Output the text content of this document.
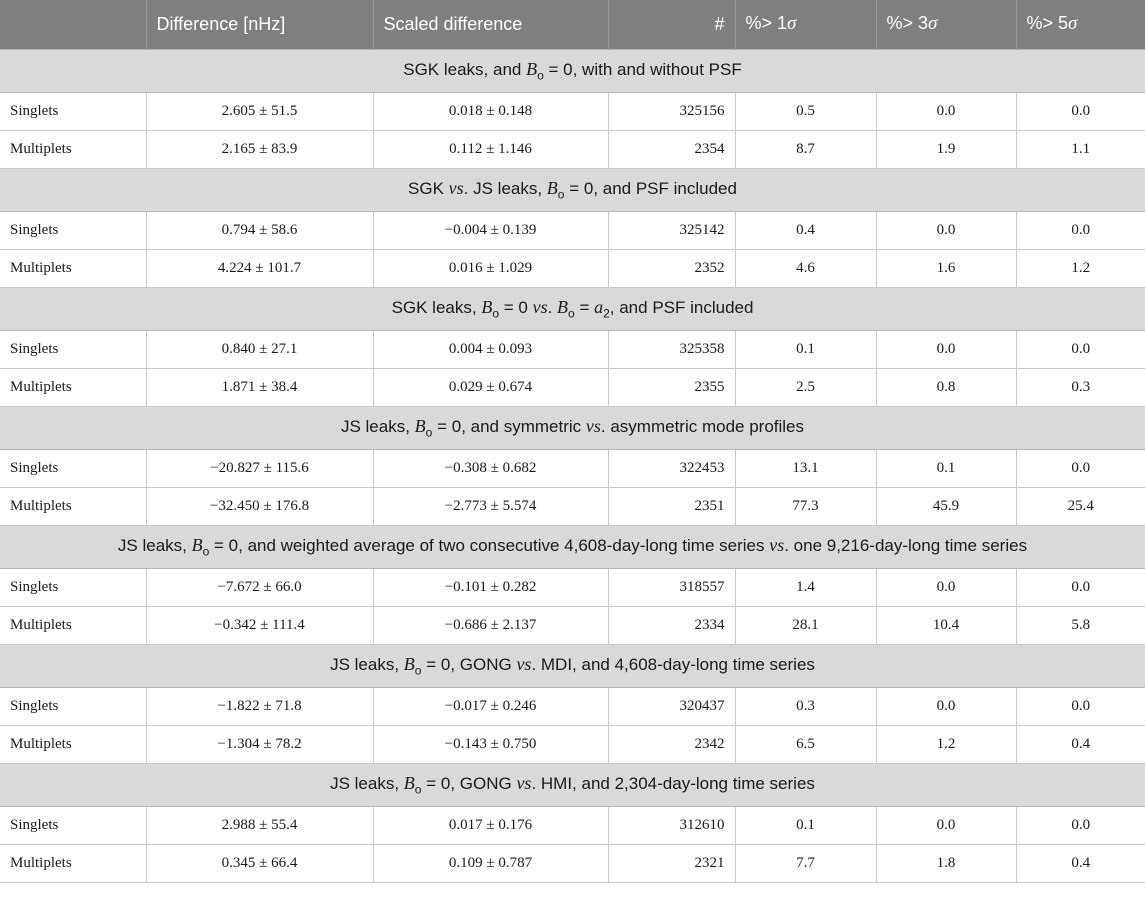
	Difference [nHz]	Scaled difference	#	%> 1σ	%> 3σ	%> 5σ
SGK leaks, and $B_o = 0$, with and without PSF						
Singlets	2.605 ± 51.5	0.018 ± 0.148	325156	0.5	0.0	0.0
Multiplets	2.165 ± 83.9	0.112 ± 1.146	2354	8.7	1.9	1.1
SGK vs. JS leaks, $B_o = 0$, and PSF included						
Singlets	0.794 ± 58.6	−0.004 ± 0.139	325142	0.4	0.0	0.0
Multiplets	4.224 ± 101.7	0.016 ± 1.029	2352	4.6	1.6	1.2
SGK leaks, $B_o = 0$ vs. $B_o = a_2$, and PSF included						
Singlets	0.840 ± 27.1	0.004 ± 0.093	325358	0.1	0.0	0.0
Multiplets	1.871 ± 38.4	0.029 ± 0.674	2355	2.5	0.8	0.3
JS leaks, $B_o = 0$, and symmetric vs. asymmetric mode profiles						
Singlets	−20.827 ± 115.6	−0.308 ± 0.682	322453	13.1	0.1	0.0
Multiplets	−32.450 ± 176.8	−2.773 ± 5.574	2351	77.3	45.9	25.4
JS leaks, $B_o = 0$, and weighted average of two consecutive 4,608-day-long time series vs. one 9,216-day-long time series						
Singlets	−7.672 ± 66.0	−0.101 ± 0.282	318557	1.4	0.0	0.0
Multiplets	−0.342 ± 111.4	−0.686 ± 2.137	2334	28.1	10.4	5.8
JS leaks, $B_o = 0$, GONG vs. MDI, and 4,608-day-long time series						
Singlets	−1.822 ± 71.8	−0.017 ± 0.246	320437	0.3	0.0	0.0
Multiplets	−1.304 ± 78.2	−0.143 ± 0.750	2342	6.5	1.2	0.4
JS leaks, $B_o = 0$, GONG vs. HMI, and 2,304-day-long time series						
Singlets	2.988 ± 55.4	0.017 ± 0.176	312610	0.1	0.0	0.0
Multiplets	0.345 ± 66.4	0.109 ± 0.787	2321	7.7	1.8	0.4
